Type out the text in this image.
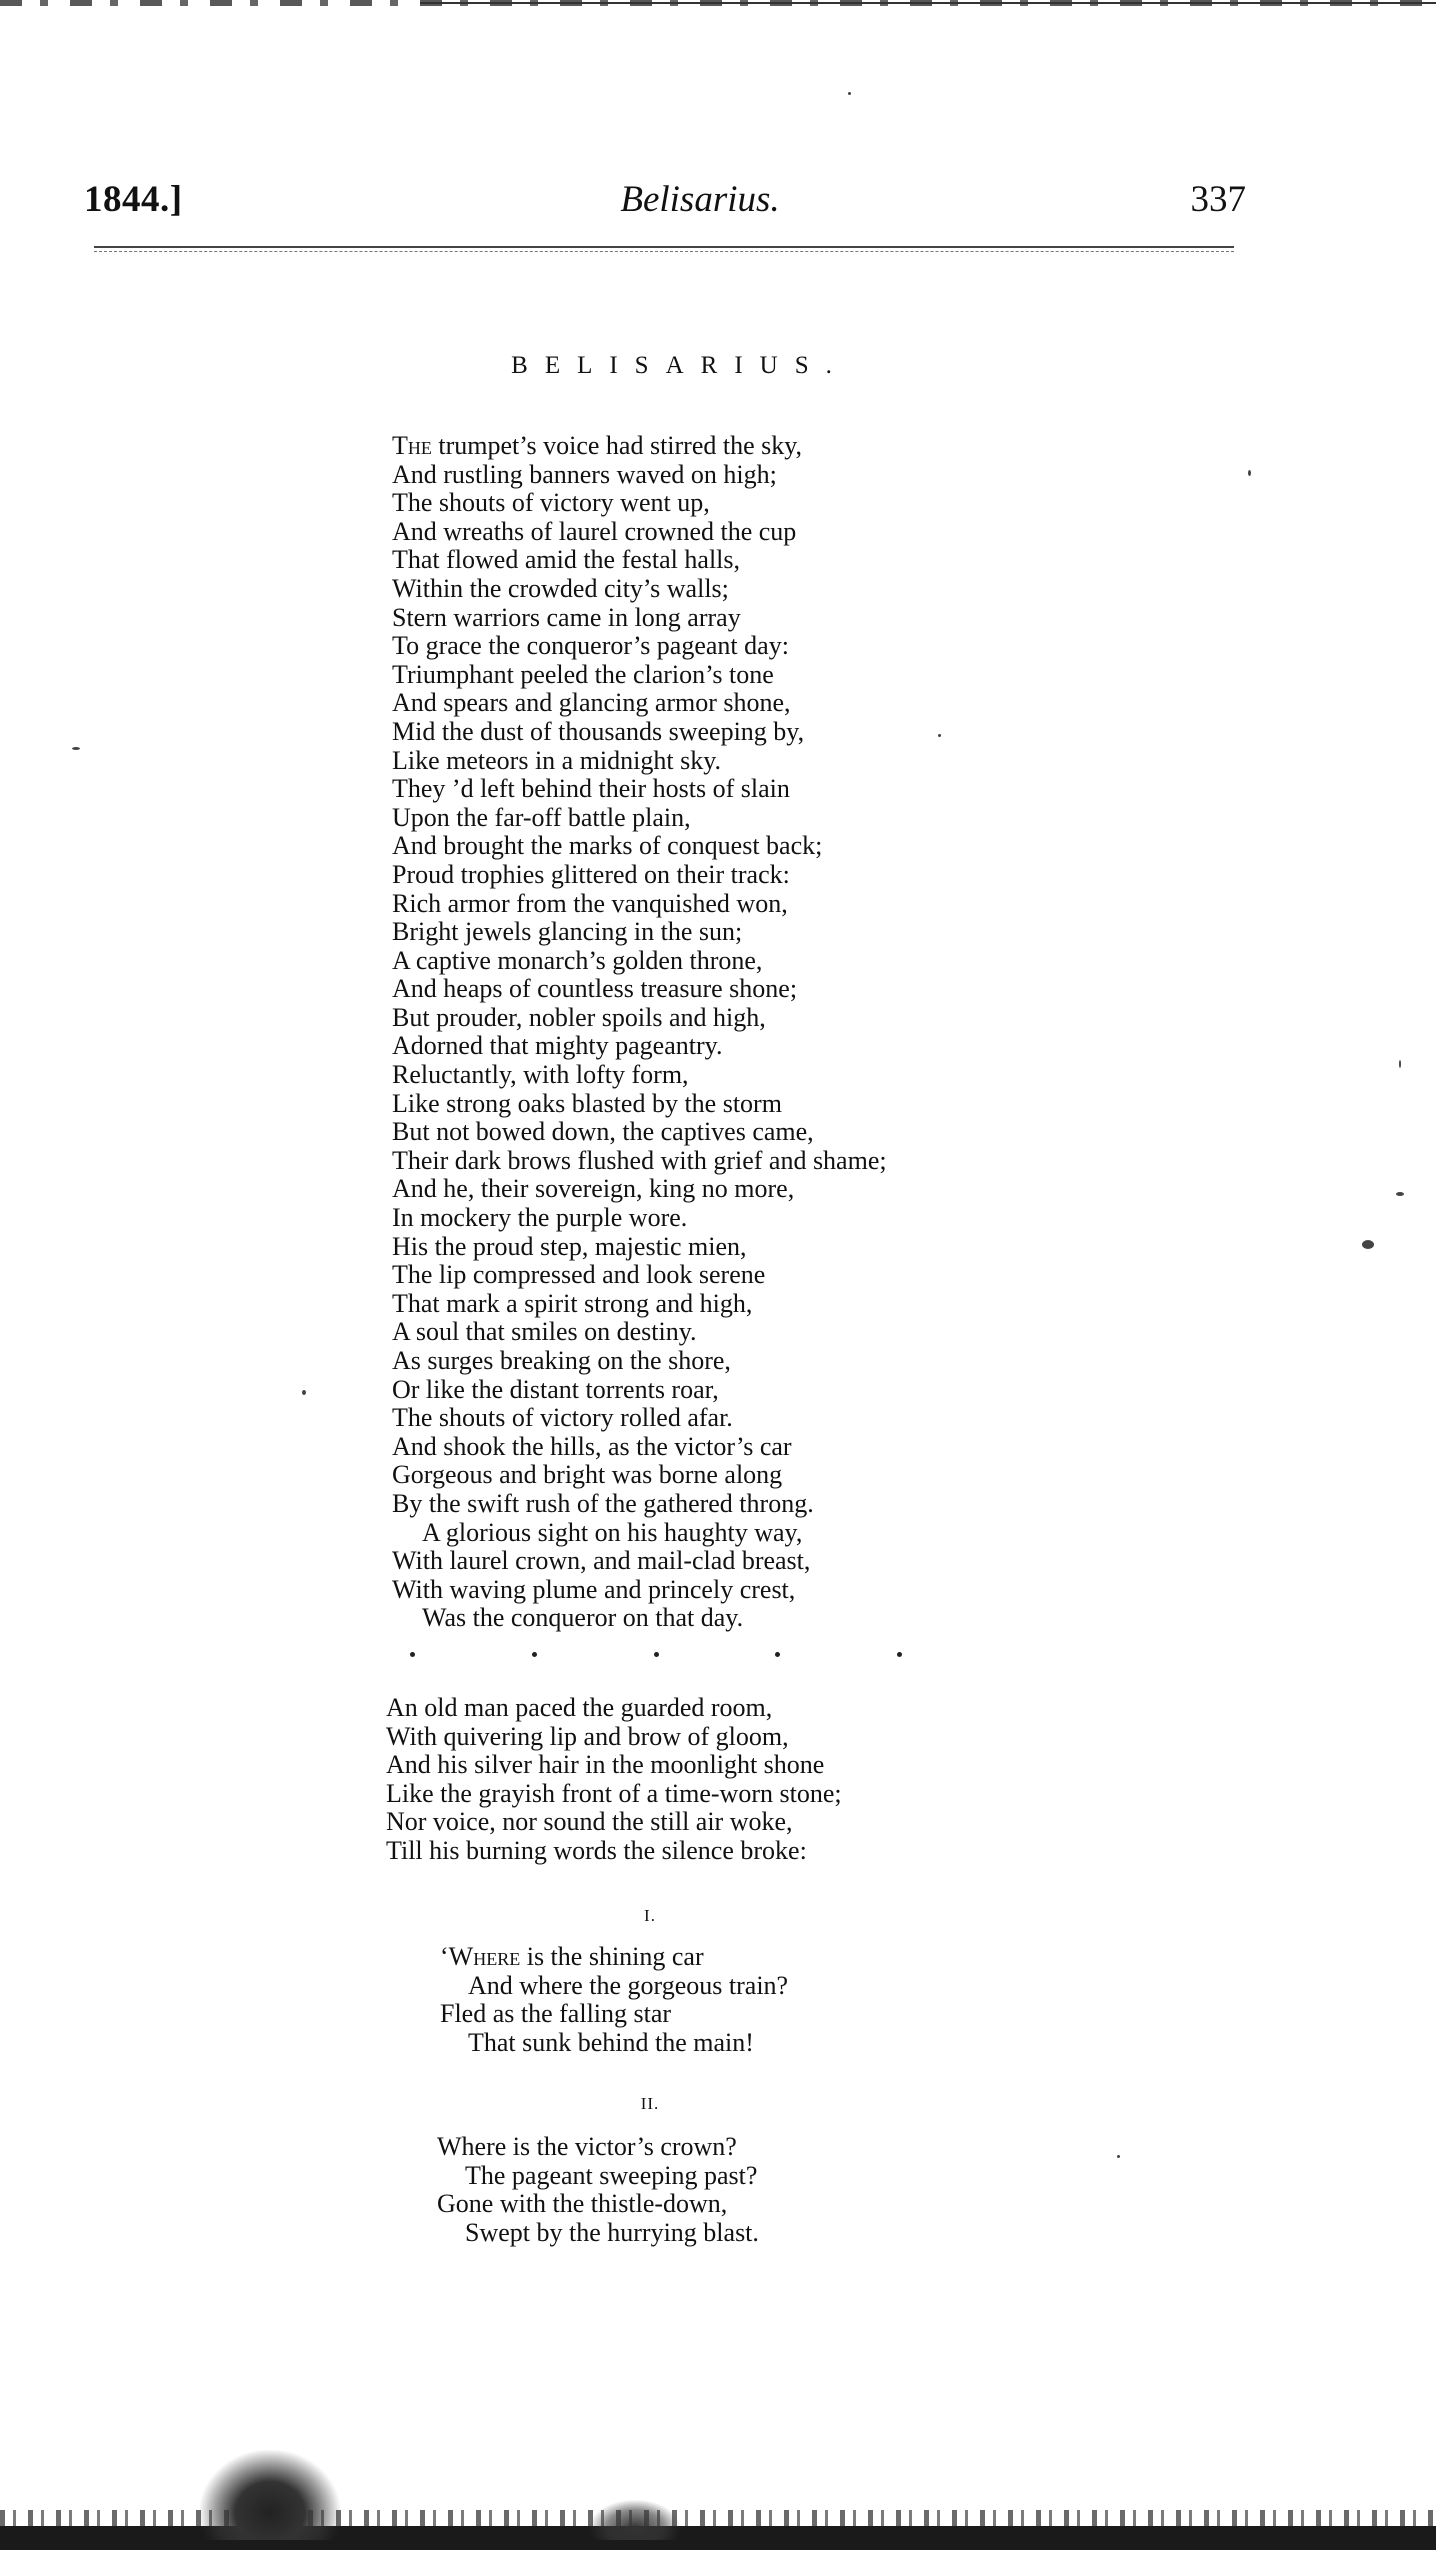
1844.]	Belisarius.	337
BELISARIUS.
The trumpet’s voice had stirred the sky,
And rustling banners waved on high;
The shouts of victory went up,
And wreaths of laurel crowned the cup
That flowed amid the festal halls,
Within the crowded city’s walls;
Stern warriors came in long array
To grace the conqueror’s pageant day:
Triumphant peeled the clarion’s tone
And spears and glancing armor shone,
Mid the dust of thousands sweeping by,
Like meteors in a midnight sky.
They ’d left behind their hosts of slain
Upon the far-off battle plain,
And brought the marks of conquest back;
Proud trophies glittered on their track:
Rich armor from the vanquished won,
Bright jewels glancing in the sun;
A captive monarch’s golden throne,
And heaps of countless treasure shone;
But prouder, nobler spoils and high,
Adorned that mighty pageantry.
Reluctantly, with lofty form,
Like strong oaks blasted by the storm
But not bowed down, the captives came,
Their dark brows flushed with grief and shame;
And he, their sovereign, king no more,
In mockery the purple wore.
His the proud step, majestic mien,
The lip compressed and look serene
That mark a spirit strong and high,
A soul that smiles on destiny.
As surges breaking on the shore,
Or like the distant torrents roar,
The shouts of victory rolled afar.
And shook the hills, as the victor’s car
Gorgeous and bright was borne along
By the swift rush of the gathered throng.
A glorious sight on his haughty way,
With laurel crown, and mail-clad breast,
With waving plume and princely crest,
Was the conqueror on that day.
An old man paced the guarded room,
With quivering lip and brow of gloom,
And his silver hair in the moonlight shone
Like the grayish front of a time-worn stone;
Nor voice, nor sound the still air woke,
Till his burning words the silence broke:
I.
‘Where is the shining car
And where the gorgeous train?
Fled as the falling star
That sunk behind the main!
II.
Where is the victor’s crown?
The pageant sweeping past?
Gone with the thistle-down,
Swept by the hurrying blast.
